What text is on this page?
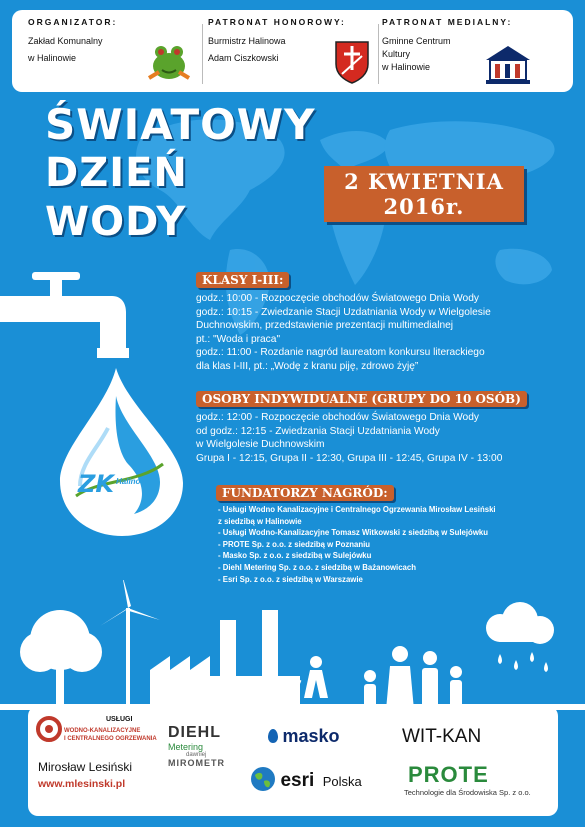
ORGANIZATOR:
Zakład Komunalny
w Halinowie
PATRONAT HONOROWY:
Burmistrz Halinowa
Adam Ciszkowski
PATRONAT MEDIALNY:
Gminne Centrum
Kultury
w Halinowie
ŚWIATOWY
DZIEŃ
WODY
2 KWIETNIA
2016r.
ZK Halinów
KLASY I-III:
godz.: 10:00 - Rozpoczęcie obchodów Światowego Dnia Wody
godz.: 10:15 - Zwiedzanie Stacji Uzdatniania Wody w Wielgolesie
Duchnowskim, przedstawienie prezentacji multimedialnej
pt.: "Woda i praca"
godz.: 11:00 - Rozdanie nagród laureatom konkursu literackiego
dla klas I-III, pt.: „Wodę z kranu piję, zdrowo żyję”
OSOBY INDYWIDUALNE (GRUPY DO 10 OSÓB)
godz.: 12:00 - Rozpoczęcie obchodów Światowego Dnia Wody
od godz.: 12:15 - Zwiedzania Stacji Uzdatniania Wody
w Wielgolesie Duchnowskim
Grupa I - 12:15, Grupa II - 12:30, Grupa III - 12:45, Grupa IV - 13:00
FUNDATORZY NAGRÓD:
- Usługi Wodno Kanalizacyjne i Centralnego Ogrzewania Mirosław Lesiński
z siedzibą w Halinowie
- Usługi Wodno-Kanalizacyjne Tomasz Witkowski z siedzibą w Sulejówku
- PROTE Sp. z o.o. z siedzibą w Poznaniu
- Masko Sp. z o.o. z siedzibą w Sulejówku
- Diehl Metering Sp. z o.o. z siedzibą w Bażanowicach
- Esri Sp. z o.o. z siedzibą w Warszawie
USŁUGI
WODNO-KANALIZACYJNE
I CENTRALNEGO OGRZEWANIA
Mirosław Lesiński
www.mlesinski.pl
DIEHL
Metering
dawniej
MIROMETR
masko	WIT-KAN
esri Polska PROTE
Technologie dla Środowiska Sp. z o.o.
